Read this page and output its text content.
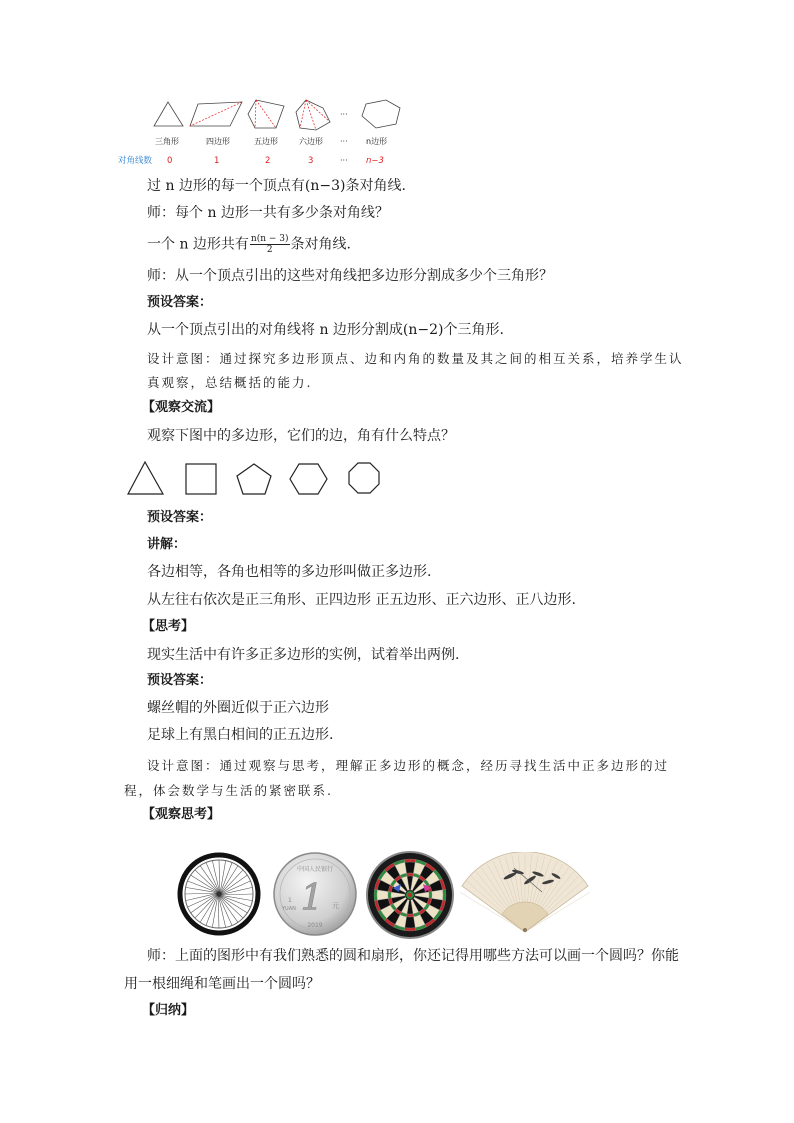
···
三角形	四边形	五边形	六边形 ··· n边形
对角线数 0	1	2	3	··· n−3
过 n 边形的每一个顶点有(n−3)条对角线.
师：每个 n 边形一共有多少条对角线？
一个 n 边形共有 $\frac{n(n - 3)}{2}$ 条对角线.
师：从一个顶点引出的这些对角线把多边形分割成多少个三角形？
预设答案：
从一个顶点引出的对角线将 n 边形分割成(n−2)个三角形.
设计意图：通过探究多边形顶点、边和内角的数量及其之间的相互关系，培养学生认
真观察，总结概括的能力.
【观察交流】
观察下图中的多边形，它们的边，角有什么特点？
预设答案：
讲解：
各边相等，各角也相等的多边形叫做正多边形.
从左往右依次是正三角形、正四边形 正五边形、正六边形、正八边形.
【思考】
现实生活中有许多正多边形的实例，试着举出两例.
预设答案：
螺丝帽的外圈近似于正六边形
足球上有黑白相间的正五边形.
设计意图：通过观察与思考，理解正多边形的概念，经历寻找生活中正多边形的过
程，体会数学与生活的紧密联系.
【观察思考】
中国人民银行
1
1
YUAN	元
2019
师：上面的图形中有我们熟悉的圆和扇形，你还记得用哪些方法可以画一个圆吗？你能
用一根细绳和笔画出一个圆吗？
【归纳】
